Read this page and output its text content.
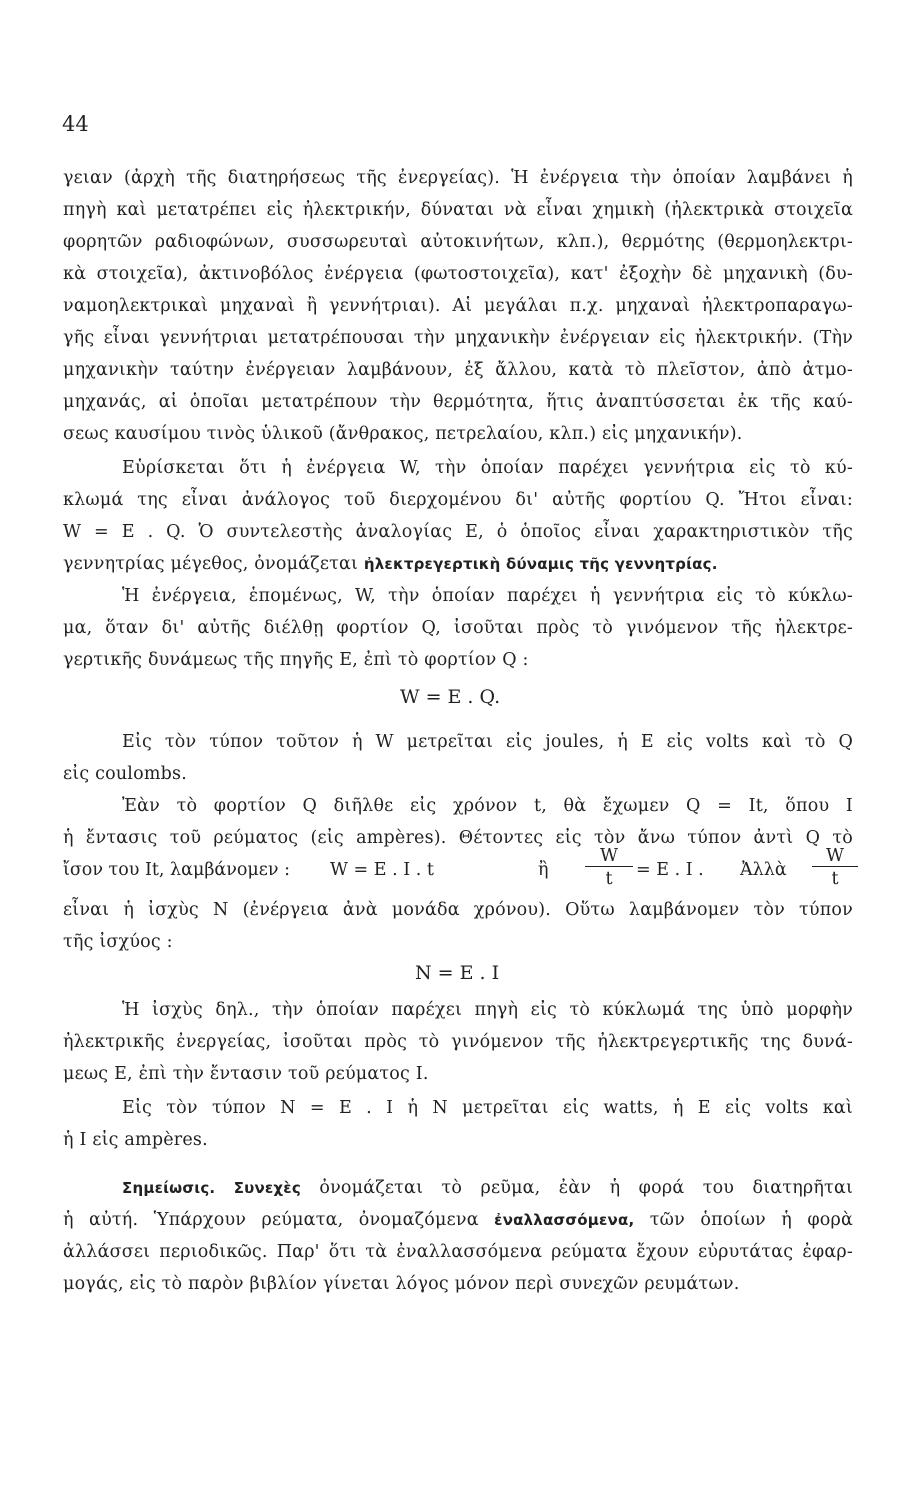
44
γειαν (ἀρχὴ τῆς διατηρήσεως τῆς ἐνεργείας). Ἡ ἐνέργεια τὴν ὁποίαν λαμβάνει ἡ
πηγὴ καὶ μετατρέπει εἰς ἠλεκτρικήν, δύναται νὰ εἶναι χημικὴ (ἠλεκτρικὰ στοιχεῖα
φορητῶν ραδιοφώνων, συσσωρευταὶ αὐτοκινήτων, κλπ.), θερμότης (θερμοηλεκτρι-
κὰ στοιχεῖα), ἀκτινοβόλος ἐνέργεια (φωτοστοιχεῖα), κατ' ἐξοχὴν δὲ μηχανικὴ (δυ-
ναμοηλεκτρικαὶ μηχαναὶ ἢ γεννήτριαι). Αἱ μεγάλαι π.χ. μηχαναὶ ἠλεκτροπαραγω-
γῆς εἶναι γεννήτριαι μετατρέπουσαι τὴν μηχανικὴν ἐνέργειαν εἰς ἠλεκτρικήν. (Τὴν
μηχανικὴν ταύτην ἐνέργειαν λαμβάνουν, ἐξ ἄλλου, κατὰ τὸ πλεῖστον, ἀπὸ ἀτμο-
μηχανάς, αἱ ὁποῖαι μετατρέπουν τὴν θερμότητα, ἥτις ἀναπτύσσεται ἐκ τῆς καύ-
σεως καυσίμου τινὸς ὑλικοῦ (ἄνθρακος, πετρελαίου, κλπ.) εἰς μηχανικήν).
Εὑρίσκεται ὅτι ἡ ἐνέργεια W, τὴν ὁποίαν παρέχει γεννήτρια εἰς τὸ κύ-
κλωμά της εἶναι ἀνάλογος τοῦ διερχομένου δι' αὐτῆς φορτίου Q. Ἤτοι εἶναι:
W = E . Q. Ὁ συντελεστὴς ἀναλογίας E, ὁ ὁποῖος εἶναι χαρακτηριστικὸν τῆς
γεννητρίας μέγεθος, ὀνομάζεται ἠλεκτρεγερτικὴ δύναμις τῆς γεννητρίας.
Ἡ ἐνέργεια, ἑπομένως, W, τὴν ὁποίαν παρέχει ἡ γεννήτρια εἰς τὸ κύκλω-
μα, ὅταν δι' αὐτῆς διέλθῃ φορτίον Q, ἰσοῦται πρὸς τὸ γινόμενον τῆς ἠλεκτρε-
γερτικῆς δυνάμεως τῆς πηγῆς E, ἐπὶ τὸ φορτίον Q :
W = E . Q.
Εἰς τὸν τύπον τοῦτον ἡ W μετρεῖται εἰς joules, ἡ E εἰς volts καὶ τὸ Q
εἰς coulombs.
Ἐὰν τὸ φορτίον Q διῆλθε εἰς χρόνον t, θὰ ἔχωμεν Q = It, ὅπου I
ἡ ἔντασις τοῦ ρεύματος (εἰς ampères). Θέτοντες εἰς τὸν ἄνω τύπον ἀντὶ Q τὸ
ἴσον του It, λαμβάνομεν : W = E . I . t	ἢ
W
t	= E . I . Ἀλλὰ
W
t
εἶναι ἡ ἰσχὺς N (ἐνέργεια ἀνὰ μονάδα χρόνου). Οὕτω λαμβάνομεν τὸν τύπον
τῆς ἰσχύος :
N = E . I
Ἡ ἰσχὺς δηλ., τὴν ὁποίαν παρέχει πηγὴ εἰς τὸ κύκλωμά της ὑπὸ μορφὴν
ἠλεκτρικῆς ἐνεργείας, ἰσοῦται πρὸς τὸ γινόμενον τῆς ἠλεκτρεγερτικῆς της δυνά-
μεως E, ἐπὶ τὴν ἔντασιν τοῦ ρεύματος I.
Εἰς τὸν τύπον N = E . I ἡ N μετρεῖται εἰς watts, ἡ E εἰς volts καὶ
ἡ I εἰς ampères.
Σημείωσις. Συνεχὲς ὀνομάζεται τὸ ρεῦμα, ἐὰν ἡ φορά του διατηρῆται
ἡ αὐτή. Ὑπάρχουν ρεύματα, ὀνομαζόμενα ἐναλλασσόμενα, τῶν ὁποίων ἡ φορὰ
ἀλλάσσει περιοδικῶς. Παρ' ὅτι τὰ ἐναλλασσόμενα ρεύματα ἔχουν εὐρυτάτας ἐφαρ-
μογάς, εἰς τὸ παρὸν βιβλίον γίνεται λόγος μόνον περὶ συνεχῶν ρευμάτων.
